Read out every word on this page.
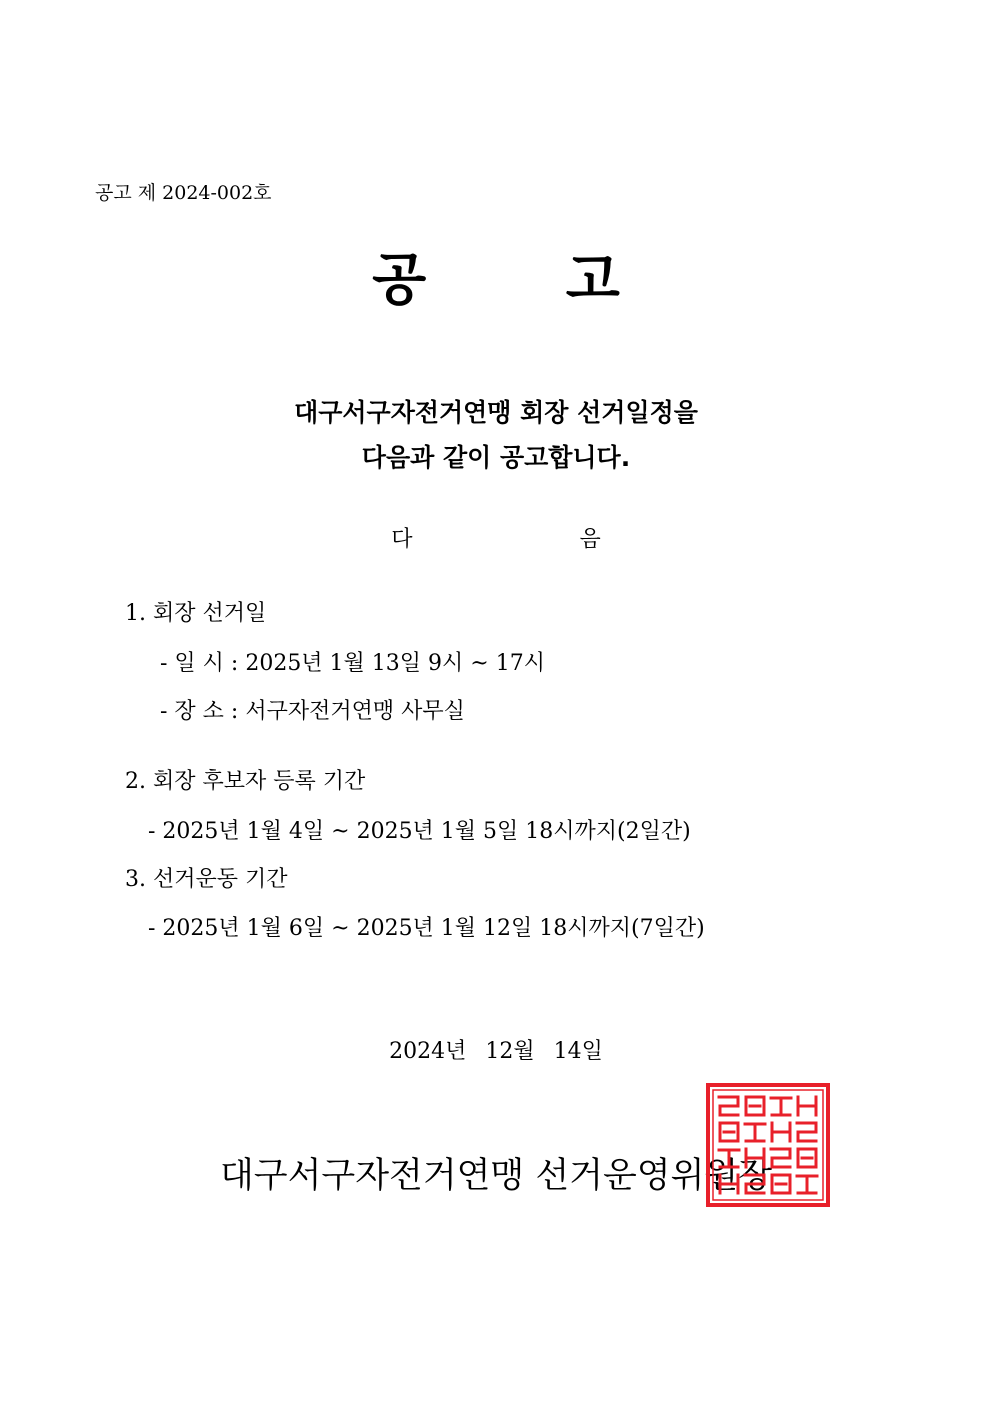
공고 제 2024-002호
공 고
대구서구자전거연맹 회장 선거일정을
다음과 같이 공고합니다.
다 음
1. 회장 선거일
- 일 시 : 2025년 1월 13일 9시 ~ 17시
- 장 소 : 서구자전거연맹 사무실
2. 회장 후보자 등록 기간
- 2025년 1월 4일 ~ 2025년 1월 5일 18시까지(2일간)
3. 선거운동 기간
- 2025년 1월 6일 ~ 2025년 1월 12일 18시까지(7일간)
2024년 12월 14일
대구서구자전거연맹 선거운영위원장
